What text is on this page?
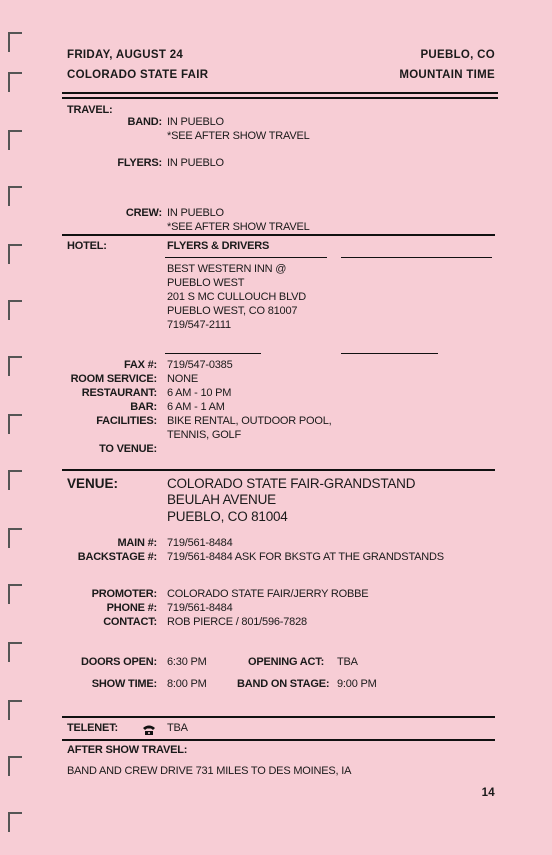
FRIDAY, AUGUST 24	PUEBLO, CO
COLORADO STATE FAIR	MOUNTAIN TIME
TRAVEL:
BAND: IN PUEBLO
*SEE AFTER SHOW TRAVEL
FLYERS: IN PUEBLO
CREW: IN PUEBLO
*SEE AFTER SHOW TRAVEL
HOTEL:	FLYERS & DRIVERS
BEST WESTERN INN @
PUEBLO WEST
201 S MC CULLOUCH BLVD
PUEBLO WEST, CO 81007
719/547-2111
FAX #: 719/547-0385
ROOM SERVICE: NONE
RESTAURANT: 6 AM - 10 PM
BAR: 6 AM - 1 AM
FACILITIES: BIKE RENTAL, OUTDOOR POOL,
TENNIS, GOLF
TO VENUE:
VENUE:	COLORADO STATE FAIR-GRANDSTAND
BEULAH AVENUE
PUEBLO, CO 81004
MAIN #: 719/561-8484
BACKSTAGE #: 719/561-8484 ASK FOR BKSTG AT THE GRANDSTANDS
PROMOTER: COLORADO STATE FAIR/JERRY ROBBE
PHONE #: 719/561-8484
CONTACT: ROB PIERCE / 801/596-7828
DOORS OPEN: 6:30 PM	OPENING ACT: TBA
SHOW TIME: 8:00 PM	BAND ON STAGE: 9:00 PM
TELENET:	TBA
AFTER SHOW TRAVEL:
BAND AND CREW DRIVE 731 MILES TO DES MOINES, IA
14
